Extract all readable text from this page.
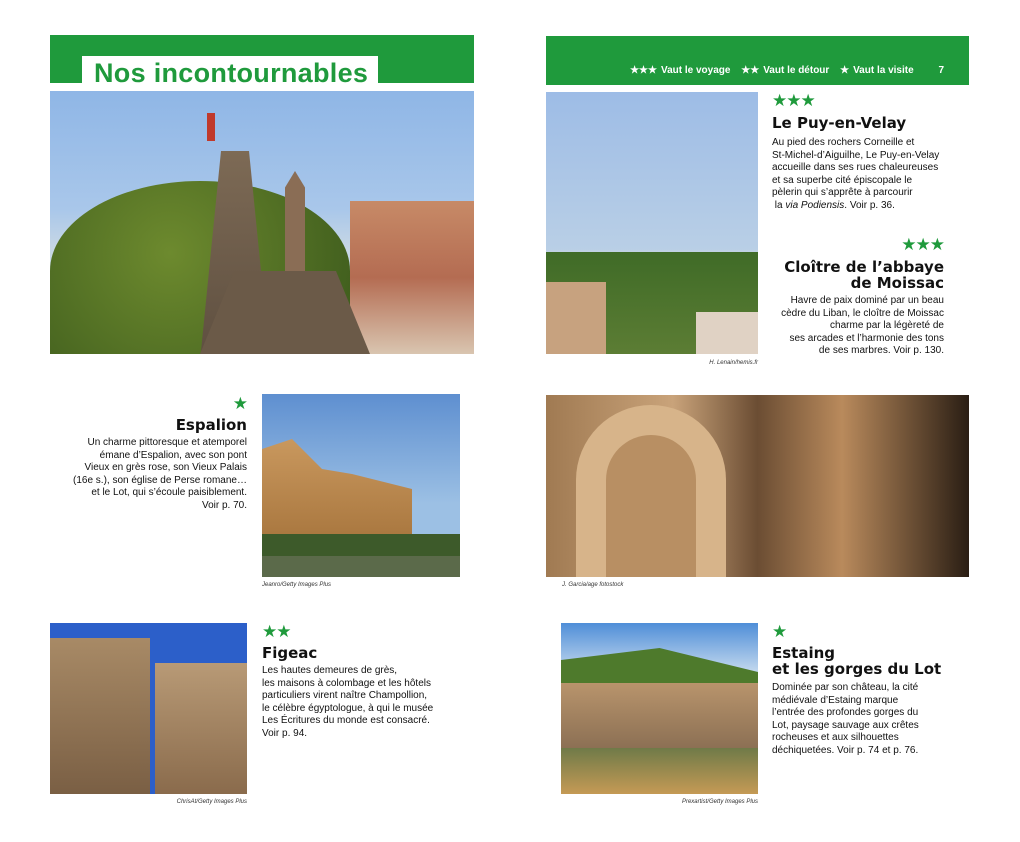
Nos incontournables	★★★ Vaut le voyage ★★ Vaut le détour ★ Vaut la visite 7
H. Lenain/hemis.fr
★★★
Le Puy-en-Velay
Au pied des rochers Corneille et
St-Michel-d’Aiguilhe, Le Puy-en-Velay
accueille dans ses rues chaleureuses
et sa superbe cité épiscopale le
pèlerin qui s’apprête à parcourir
la via Podiensis. Voir p. 36.
★★★
Cloître de l’abbaye
de Moissac
Havre de paix dominé par un beau
cèdre du Liban, le cloître de Moissac
charme par la légèreté de
ses arcades et l’harmonie des tons
de ses marbres. Voir p. 130.
★
Espalion
Un charme pittoresque et atemporel
émane d’Espalion, avec son pont
Vieux en grès rose, son Vieux Palais
(16e s.), son église de Perse romane…
et le Lot, qui s’écoule paisiblement.
Voir p. 70.
Jeanro/Getty Images Plus	J. Garcia/age fotostock
ChrisAt/Getty Images Plus
★★
Figeac
Les hautes demeures de grès,
les maisons à colombage et les hôtels
particuliers virent naître Champollion,
le célèbre égyptologue, à qui le musée
Les Écritures du monde est consacré.
Voir p. 94.
Prexartist/Getty Images Plus
★
Estaing
et les gorges du Lot
Dominée par son château, la cité
médiévale d’Estaing marque
l’entrée des profondes gorges du
Lot, paysage sauvage aux crêtes
rocheuses et aux silhouettes
déchiquetées. Voir p. 74 et p. 76.
